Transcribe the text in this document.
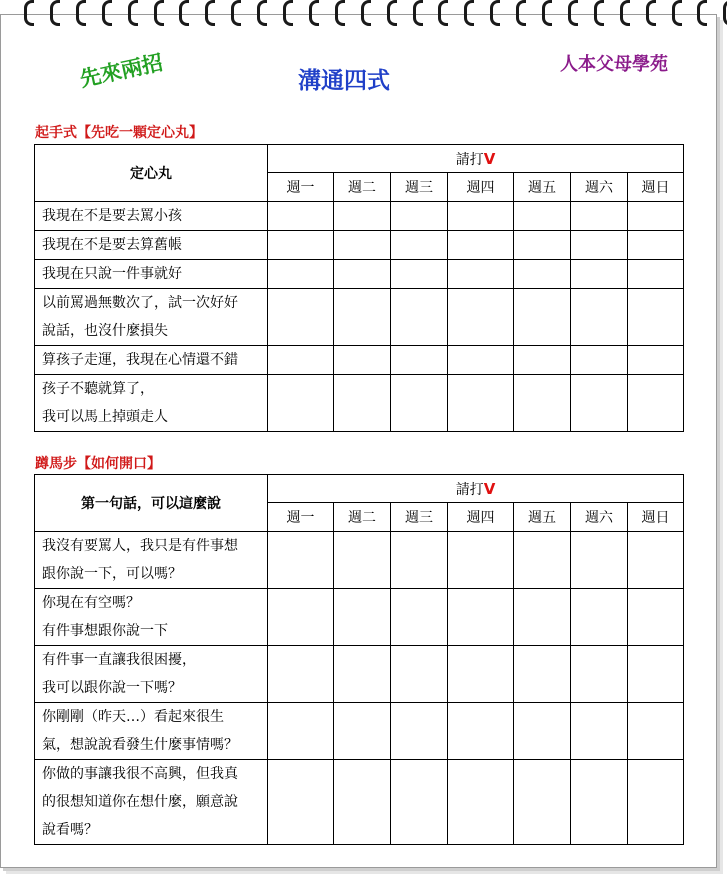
先來兩招	溝通四式
人本父母學苑
起手式【先吃一顆定心丸】
定心丸	請打V						
	週一	週二	週三	週四	週五	週六	週日

我現在不是要去罵小孩							

我現在不是要去算舊帳							

我現在只說一件事就好							

以前罵過無數次了，試一次好好
說話，也沒什麼損失							

算孩子走運，我現在心情還不錯							

孩子不聽就算了，
我可以馬上掉頭走人							

蹲馬步【如何開口】
第一句話，可以這麼說	請打V						
	週一	週二	週三	週四	週五	週六	週日

我沒有要罵人，我只是有件事想
跟你說一下，可以嗎？							

你現在有空嗎？
有件事想跟你說一下							

有件事一直讓我很困擾，
我可以跟你說一下嗎？							

你剛剛（昨天…）看起來很生
氣，想說說看發生什麼事情嗎？							

你做的事讓我很不高興，但我真
的很想知道你在想什麼，願意說
說看嗎？							
